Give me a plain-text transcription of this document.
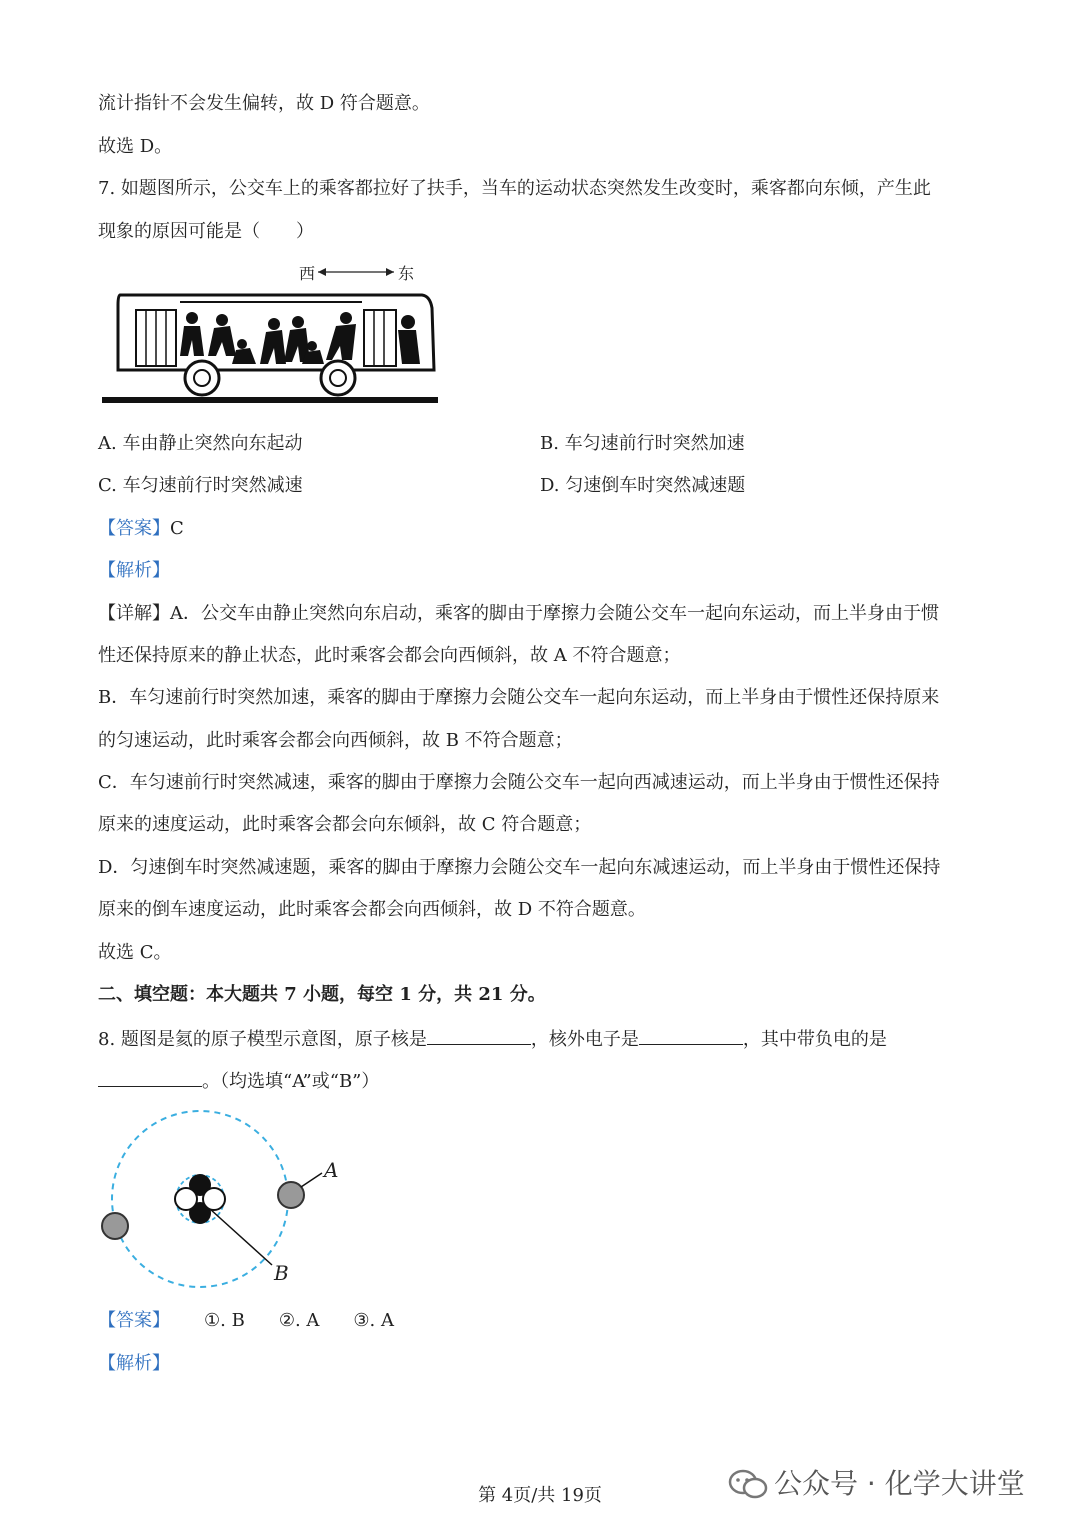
流计指针不会发生偏转，故 D 符合题意。
故选 D。
7. 如题图所示，公交车上的乘客都拉好了扶手，当车的运动状态突然发生改变时，乘客都向东倾，产生此
现象的原因可能是（　　）
西	东
A. 车由静止突然向东起动	B. 车匀速前行时突然加速
C. 车匀速前行时突然减速	D. 匀速倒车时突然减速题
【答案】C
【解析】
【详解】A．公交车由静止突然向东启动，乘客的脚由于摩擦力会随公交车一起向东运动，而上半身由于惯
性还保持原来的静止状态，此时乘客会都会向西倾斜，故 A 不符合题意；
B．车匀速前行时突然加速，乘客的脚由于摩擦力会随公交车一起向东运动，而上半身由于惯性还保持原来
的匀速运动，此时乘客会都会向西倾斜，故 B 不符合题意；
C．车匀速前行时突然减速，乘客的脚由于摩擦力会随公交车一起向西减速运动，而上半身由于惯性还保持
原来的速度运动，此时乘客会都会向东倾斜，故 C 符合题意；
D．匀速倒车时突然减速题，乘客的脚由于摩擦力会随公交车一起向东减速运动，而上半身由于惯性还保持
原来的倒车速度运动，此时乘客会都会向西倾斜，故 D 不符合题意。
故选 C。
二、填空题：本大题共 7 小题，每空 1 分，共 21 分。
8. 题图是氦的原子模型示意图，原子核是	，核外电子是	，其中带负电的是
。（均选填“A”或“B”）
A
B
【答案】 ①. B ②. A ③. A
【解析】
第 4页/共 19页	公众号 · 化学大讲堂
